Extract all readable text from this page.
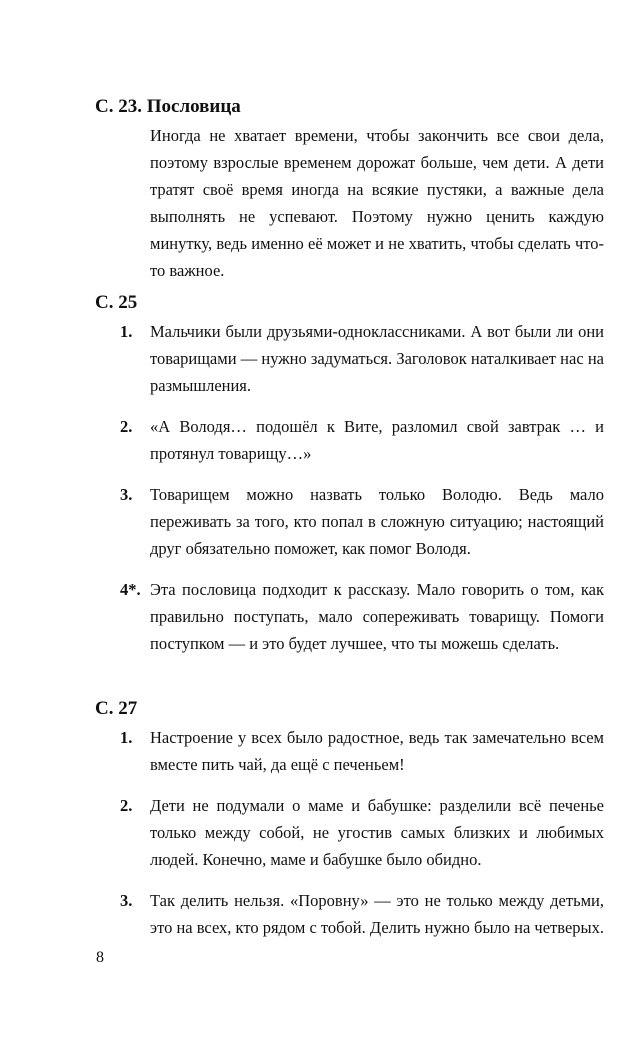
С. 23. Пословица

Иногда не хватает времени, чтобы закончить все свои дела, поэтому взрослые временем дорожат больше, чем дети. А дети тратят своё время иногда на всякие пустяки, а важные дела выполнять не успевают. Поэтому нужно ценить каждую минутку, ведь именно её может и не хватить, чтобы сделать что-то важное.

С. 25
1. Мальчики были друзьями-одноклассниками. А вот были ли они товарищами — нужно задуматься. Заголовок наталкивает нас на размышления.
2. «А Володя… подошёл к Вите, разломил свой завтрак … и протянул товарищу…»
3. Товарищем можно назвать только Володю. Ведь мало переживать за того, кто попал в сложную ситуацию; настоящий друг обязательно поможет, как помог Володя.
4*. Эта пословица подходит к рассказу. Мало говорить о том, как правильно поступать, мало сопереживать товарищу. Помоги поступком — и это будет лучшее, что ты можешь сделать.
С. 27
1. Настроение у всех было радостное, ведь так замечательно всем вместе пить чай, да ещё с печеньем!
2. Дети не подумали о маме и бабушке: разделили всё печенье только между собой, не угостив самых близких и любимых людей. Конечно, маме и бабушке было обидно.
3. Так делить нельзя. «Поровну» — это не только между детьми, это на всех, кто рядом с тобой. Делить нужно было на четверых.
8
